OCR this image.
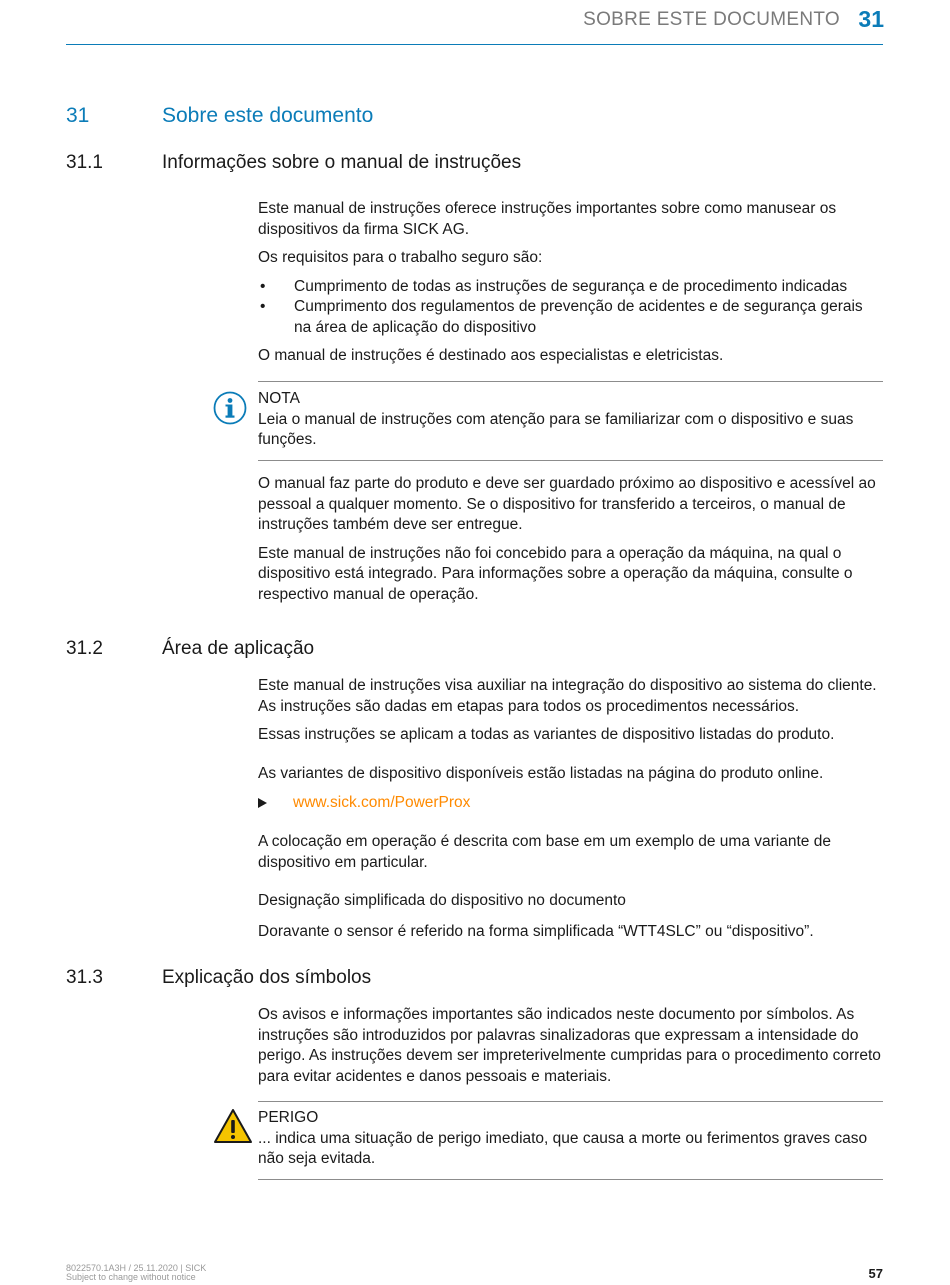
SOBRE ESTE DOCUMENTO 31
31	Sobre este documento
31.1	Informações sobre o manual de instruções

Este manual de instruções oferece instruções importantes sobre como manusear os dispositivos da firma SICK AG.

Os requisitos para o trabalho seguro são:

• Cumprimento de todas as instruções de segurança e de procedimento indicadas
• Cumprimento dos regulamentos de prevenção de acidentes e de segurança gerais na área de aplicação do dispositivo

O manual de instruções é destinado aos especialistas e eletricistas.

NOTA
Leia o manual de instruções com atenção para se familiarizar com o dispositivo e suas funções.

O manual faz parte do produto e deve ser guardado próximo ao dispositivo e acessível ao pessoal a qualquer momento. Se o dispositivo for transferido a terceiros, o manual de instruções também deve ser entregue.

Este manual de instruções não foi concebido para a operação da máquina, na qual o dispositivo está integrado. Para informações sobre a operação da máquina, consulte o respectivo manual de operação.

31.2	Área de aplicação

Este manual de instruções visa auxiliar na integração do dispositivo ao sistema do cliente. As instruções são dadas em etapas para todos os procedimentos necessários.

Essas instruções se aplicam a todas as variantes de dispositivo listadas do produto.

As variantes de dispositivo disponíveis estão listadas na página do produto online.

www.sick.com/PowerProx

A colocação em operação é descrita com base em um exemplo de uma variante de dispositivo em particular.

Designação simplificada do dispositivo no documento

Doravante o sensor é referido na forma simplificada “WTT4SLC” ou “dispositivo”.

31.3	Explicação dos símbolos

Os avisos e informações importantes são indicados neste documento por símbolos. As instruções são introduzidos por palavras sinalizadoras que expressam a intensidade do perigo. As instruções devem ser impreterivelmente cumpridas para o procedimento correto para evitar acidentes e danos pessoais e materiais.

PERIGO
... indica uma situação de perigo imediato, que causa a morte ou ferimentos graves caso não seja evitada.
8022570.1A3H / 25.11.2020 | SICK
Subject to change without notice	57
